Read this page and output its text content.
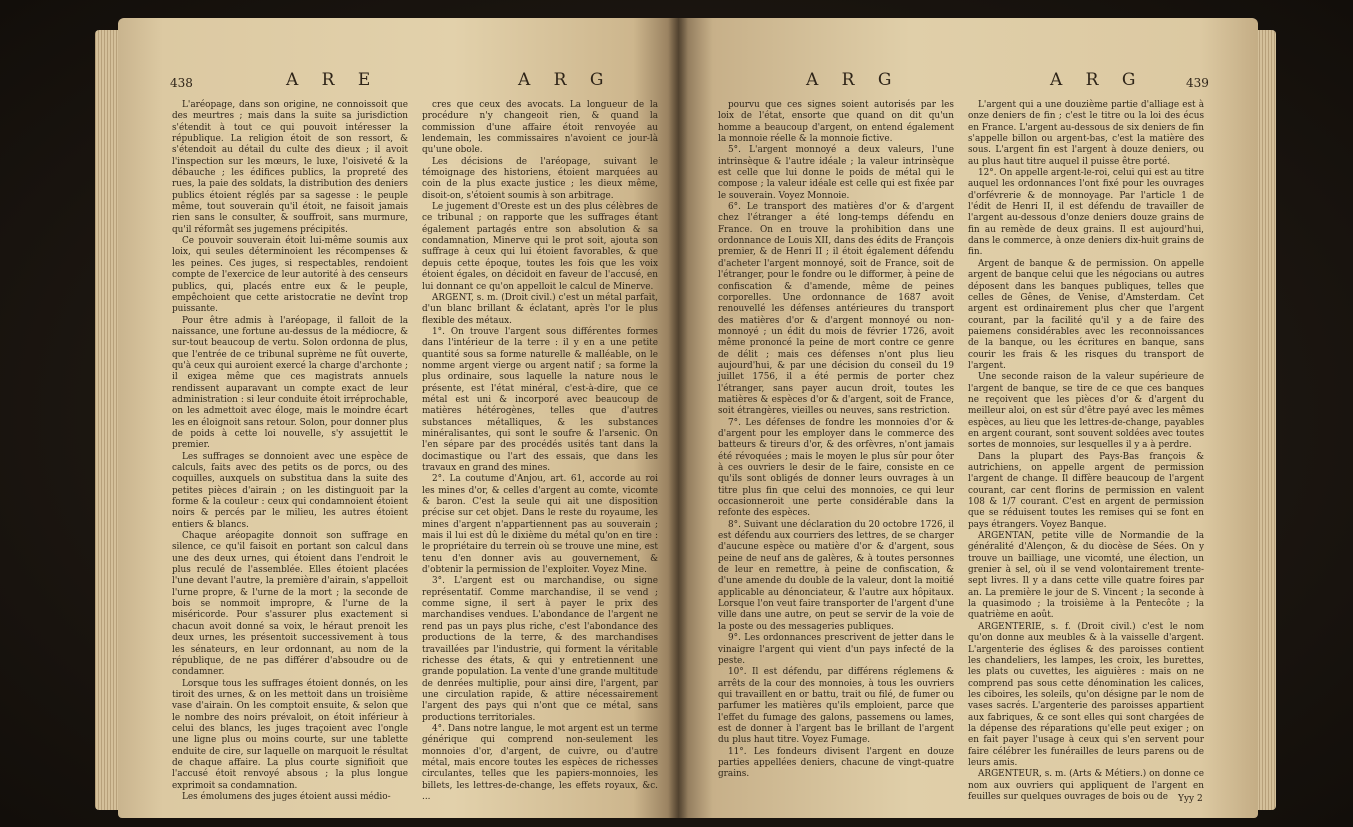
438	A R E	A R G

L'aréopage, dans son origine, ne connoissoit que des meurtres ; mais dans la suite sa jurisdiction s'étendit à tout ce qui pouvoit intéresser la république. La religion étoit de son ressort, & s'étendoit au détail du culte des dieux ; il avoit l'inspection sur les mœurs, le luxe, l'oisiveté & la débauche ; les édifices publics, la propreté des rues, la paie des soldats, la distribution des deniers publics étoient réglés par sa sagesse : le peuple même, tout souverain qu'il étoit, ne faisoit jamais rien sans le consulter, & souffroit, sans murmure, qu'il réformât ses jugemens précipités.

Ce pouvoir souverain étoit lui-même soumis aux loix, qui seules déterminoient les récompenses & les peines. Ces juges, si respectables, rendoient compte de l'exercice de leur autorité à des censeurs publics, qui, placés entre eux & le peuple, empêchoient que cette aristocratie ne devînt trop puissante.

Pour être admis à l'aréopage, il falloit de la naissance, une fortune au-dessus de la médiocre, & sur-tout beaucoup de vertu. Solon ordonna de plus, que l'entrée de ce tribunal suprème ne fût ouverte, qu'à ceux qui auroient exercé la charge d'archonte ; il exigea même que ces magistrats annuels rendissent auparavant un compte exact de leur administration : si leur conduite étoit irréprochable, on les admettoit avec éloge, mais le moindre écart les en éloignoit sans retour. Solon, pour donner plus de poids à cette loi nouvelle, s'y assujettit le premier.

Les suffrages se donnoient avec une espèce de calculs, faits avec des petits os de porcs, ou des coquilles, auxquels on substitua dans la suite des petites pièces d'airain ; on les distinguoit par la forme & la couleur : ceux qui condamnoient étoient noirs & percés par le milieu, les autres étoient entiers & blancs.

Chaque aréopagite donnoit son suffrage en silence, ce qu'il faisoit en portant son calcul dans une des deux urnes, qui étoient dans l'endroit le plus reculé de l'assemblée. Elles étoient placées l'une devant l'autre, la première d'airain, s'appelloit l'urne propre, & l'urne de la mort ; la seconde de bois se nommoit impropre, & l'urne de la miséricorde. Pour s'assurer plus exactement si chacun avoit donné sa voix, le héraut prenoit les deux urnes, les présentoit successivement à tous les sénateurs, en leur ordonnant, au nom de la république, de ne pas différer d'absoudre ou de condamner.

Lorsque tous les suffrages étoient donnés, on les tiroit des urnes, & on les mettoit dans un troisième vase d'airain. On les comptoit ensuite, & selon que le nombre des noirs prévaloit, on étoit inférieur à celui des blancs, les juges traçoient avec l'ongle une ligne plus ou moins courte, sur une tablette enduite de cire, sur laquelle on marquoit le résultat de chaque affaire. La plus courte signifioit que l'accusé étoit renvoyé absous ; la plus longue exprimoit sa condamnation.

Les émolumens des juges étoient aussi médio-

cres que ceux des avocats. La longueur de la procédure n'y changeoit rien, & quand la commission d'une affaire étoit renvoyée au lendemain, les commissaires n'avoient ce jour-là qu'une obole.

Les décisions de l'aréopage, suivant le témoignage des historiens, étoient marquées au coin de la plus exacte justice ; les dieux même, disoit-on, s'étoient soumis à son arbitrage.

Le jugement d'Oreste est un des plus célèbres de ce tribunal ; on rapporte que les suffrages étant également partagés entre son absolution & sa condamnation, Minerve qui le prot soit, ajouta son suffrage à ceux qui lui étoient favorables, & que depuis cette époque, toutes les fois que les voix étoient égales, on décidoit en faveur de l'accusé, en lui donnant ce qu'on appelloit le calcul de Minerve.

ARGENT, s. m. (Droit civil.) c'est un métal parfait, d'un blanc brillant & éclatant, après l'or le plus flexible des métaux.

1°. On trouve l'argent sous différentes formes dans l'intérieur de la terre : il y en a une petite quantité sous sa forme naturelle & malléable, on le nomme argent vierge ou argent natif ; sa forme la plus ordinaire, sous laquelle la nature nous le présente, est l'état minéral, c'est-à-dire, que ce métal est uni & incorporé avec beaucoup de matières hétérogènes, telles que d'autres substances métalliques, & les substances minéralisantes, qui sont le soufre & l'arsenic. On l'en sépare par des procédés usités tant dans la docimastique ou l'art des essais, que dans les travaux en grand des mines.

2°. La coutume d'Anjou, art. 61, accorde au roi les mines d'or, & celles d'argent au comte, vicomte & baron. C'est la seule qui ait une disposition précise sur cet objet. Dans le reste du royaume, les mines d'argent n'appartiennent pas au souverain ; mais il lui est dû le dixième du métal qu'on en tire : le propriétaire du terrein où se trouve une mine, est tenu d'en donner avis au gouvernement, & d'obtenir la permission de l'exploiter. Voyez Mine.

3°. L'argent est ou marchandise, ou signe représentatif. Comme marchandise, il se vend ; comme signe, il sert à payer le prix des marchandises vendues. L'abondance de l'argent ne rend pas un pays plus riche, c'est l'abondance des productions de la terre, & des marchandises travaillées par l'industrie, qui forment la véritable richesse des états, & qui y entretiennent une grande population. La vente d'une grande multitude de denrées multiplie, pour ainsi dire, l'argent, par une circulation rapide, & attire nécessairement l'argent des pays qui n'ont que ce métal, sans productions territoriales.

4°. Dans notre langue, le mot argent est un terme générique qui comprend non-seulement les monnoies d'or, d'argent, de cuivre, ou d'autre métal, mais encore toutes les espèces de richesses circulantes, telles que les papiers-monnoies, les billets, les lettres-de-change, les effets royaux, &c. ...

A R G	A R G	439

pourvu que ces signes soient autorisés par les loix de l'état, ensorte que quand on dit qu'un homme a beaucoup d'argent, on entend également la monnoie réelle & la monnoie fictive.

5°. L'argent monnoyé a deux valeurs, l'une intrinsèque & l'autre idéale ; la valeur intrinsèque est celle que lui donne le poids de métal qui le compose ; la valeur idéale est celle qui est fixée par le souverain. Voyez Monnoie.

6°. Le transport des matières d'or & d'argent chez l'étranger a été long-temps défendu en France. On en trouve la prohibition dans une ordonnance de Louis XII, dans des édits de François premier, & de Henri II ; il étoit également défendu d'acheter l'argent monnoyé, soit de France, soit de l'étranger, pour le fondre ou le difformer, à peine de confiscation & d'amende, même de peines corporelles. Une ordonnance de 1687 avoit renouvellé les défenses antérieures du transport des matières d'or & d'argent monnoyé ou non-monnoyé ; un édit du mois de février 1726, avoit même prononcé la peine de mort contre ce genre de délit ; mais ces défenses n'ont plus lieu aujourd'hui, & par une décision du conseil du 19 juillet 1756, il a été permis de porter chez l'étranger, sans payer aucun droit, toutes les matières & espèces d'or & d'argent, soit de France, soit étrangères, vieilles ou neuves, sans restriction.

7°. Les défenses de fondre les monnoies d'or & d'argent pour les employer dans le commerce des batteurs & tireurs d'or, & des orfèvres, n'ont jamais été révoquées ; mais le moyen le plus sûr pour ôter à ces ouvriers le desir de le faire, consiste en ce qu'ils sont obligés de donner leurs ouvrages à un titre plus fin que celui des monnoies, ce qui leur occasionneroit une perte considérable dans la refonte des espèces.

8°. Suivant une déclaration du 20 octobre 1726, il est défendu aux courriers des lettres, de se charger d'aucune espèce ou matière d'or & d'argent, sous peine de neuf ans de galères, & à toutes personnes de leur en remettre, à peine de confiscation, & d'une amende du double de la valeur, dont la moitié applicable au dénonciateur, & l'autre aux hôpitaux. Lorsque l'on veut faire transporter de l'argent d'une ville dans une autre, on peut se servir de la voie de la poste ou des messageries publiques.

9°. Les ordonnances prescrivent de jetter dans le vinaigre l'argent qui vient d'un pays infecté de la peste.

10°. Il est défendu, par différens réglemens & arrêts de la cour des monnoies, à tous les ouvriers qui travaillent en or battu, trait ou filé, de fumer ou parfumer les matières qu'ils emploient, parce que l'effet du fumage des galons, passemens ou lames, est de donner à l'argent bas le brillant de l'argent du plus haut titre. Voyez Fumage.

11°. Les fondeurs divisent l'argent en douze parties appellées deniers, chacune de vingt-quatre grains.

L'argent qui a une douzième partie d'alliage est à onze deniers de fin ; c'est le titre ou la loi des écus en France. L'argent au-dessous de six deniers de fin s'appelle billon ou argent-bas, c'est la matière des sous. L'argent fin est l'argent à douze deniers, ou au plus haut titre auquel il puisse être porté.

12°. On appelle argent-le-roi, celui qui est au titre auquel les ordonnances l'ont fixé pour les ouvrages d'orfévrerie & de monnoyage. Par l'article 1 de l'édit de Henri II, il est défendu de travailler de l'argent au-dessous d'onze deniers douze grains de fin au remède de deux grains. Il est aujourd'hui, dans le commerce, à onze deniers dix-huit grains de fin.

Argent de banque & de permission. On appelle argent de banque celui que les négocians ou autres déposent dans les banques publiques, telles que celles de Gênes, de Venise, d'Amsterdam. Cet argent est ordinairement plus cher que l'argent courant, par la facilité qu'il y a de faire des paiemens considérables avec les reconnoissances de la banque, ou les écritures en banque, sans courir les frais & les risques du transport de l'argent.

Une seconde raison de la valeur supérieure de l'argent de banque, se tire de ce que ces banques ne reçoivent que les pièces d'or & d'argent du meilleur aloi, on est sûr d'être payé avec les mêmes espèces, au lieu que les lettres-de-change, payables en argent courant, sont souvent soldées avec toutes sortes de monnoies, sur lesquelles il y a à perdre.

Dans la plupart des Pays-Bas françois & autrichiens, on appelle argent de permission l'argent de change. Il diffère beaucoup de l'argent courant, car cent florins de permission en valent 108 & 1/7 courant. C'est en argent de permission que se réduisent toutes les remises qui se font en pays étrangers. Voyez Banque.

ARGENTAN, petite ville de Normandie de la généralité d'Alençon, & du diocèse de Sées. On y trouve un bailliage, une vicomté, une élection, un grenier à sel, où il se vend volontairement trente-sept livres. Il y a dans cette ville quatre foires par an. La première le jour de S. Vincent ; la seconde à la quasimodo ; la troisième à la Pentecôte ; la quatrième en août.

ARGENTERIE, s. f. (Droit civil.) c'est le nom qu'on donne aux meubles & à la vaisselle d'argent. L'argenterie des églises & des paroisses contient les chandeliers, les lampes, les croix, les burettes, les plats ou cuvettes, les aiguières : mais on ne comprend pas sous cette dénomination les calices, les ciboires, les soleils, qu'on désigne par le nom de vases sacrés. L'argenterie des paroisses appartient aux fabriques, & ce sont elles qui sont chargées de la dépense des réparations qu'elle peut exiger ; on en fait payer l'usage à ceux qui s'en servent pour faire célébrer les funérailles de leurs parens ou de leurs amis.

ARGENTEUR, s. m. (Arts & Métiers.) on donne ce nom aux ouvriers qui appliquent de l'argent en feuilles sur quelques ouvrages de bois ou de	Yyy 2
